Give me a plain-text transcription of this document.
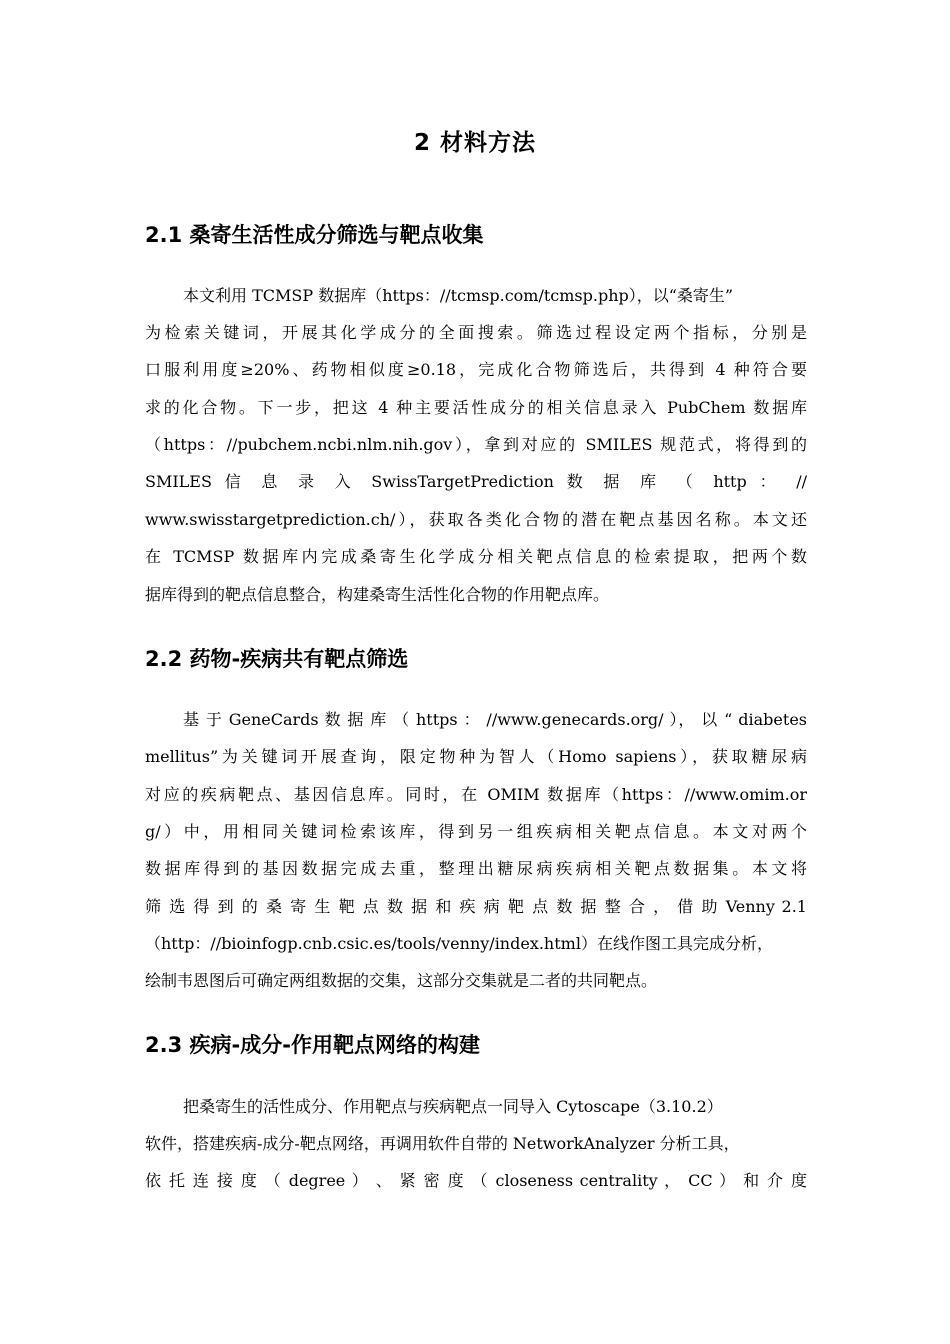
2 材料方法
2.1 桑寄生活性成分筛选与靶点收集
本文利用 TCMSP 数据库（https：//tcmsp.com/tcmsp.php），以“桑寄生”
为检索关键词，开展其化学成分的全面搜索。筛选过程设定两个指标，分别是
口服利用度≥20%、药物相似度≥0.18，完成化合物筛选后，共得到 4 种符合要
求的化合物。下一步，把这 4 种主要活性成分的相关信息录入 PubChem 数据库
（https：//pubchem.ncbi.nlm.nih.gov），拿到对应的 SMILES 规范式，将得到的
SMILES 信 息 录 入 SwissTargetPrediction 数 据 库 （ http ： //
www.swisstargetprediction.ch/），获取各类化合物的潜在靶点基因名称。本文还
在 TCMSP 数据库内完成桑寄生化学成分相关靶点信息的检索提取，把两个数
据库得到的靶点信息整合，构建桑寄生活性化合物的作用靶点库。
2.2 药物-疾病共有靶点筛选
基 于 GeneCards 数 据 库 （ https ： //www.genecards.org/ ）， 以 “ diabetes
mellitus”为关键词开展查询，限定物种为智人（Homo sapiens），获取糖尿病
对应的疾病靶点、基因信息库。同时，在 OMIM 数据库（https：//www.omim.or
g/）中，用相同关键词检索该库，得到另一组疾病相关靶点信息。本文对两个
数据库得到的基因数据完成去重，整理出糖尿病疾病相关靶点数据集。本文将
筛 选 得 到 的 桑 寄 生 靶 点 数 据 和 疾 病 靶 点 数 据 整 合 ， 借 助 Venny 2.1
（http：//bioinfogp.cnb.csic.es/tools/venny/index.html）在线作图工具完成分析，
绘制韦恩图后可确定两组数据的交集，这部分交集就是二者的共同靶点。
2.3 疾病-成分-作用靶点网络的构建
把桑寄生的活性成分、作用靶点与疾病靶点一同导入 Cytoscape（3.10.2）
软件，搭建疾病-成分-靶点网络，再调用软件自带的 NetworkAnalyzer 分析工具，
依 托 连 接 度 （ degree ） 、 紧 密 度 （ closeness centrality ， CC ） 和 介 度
